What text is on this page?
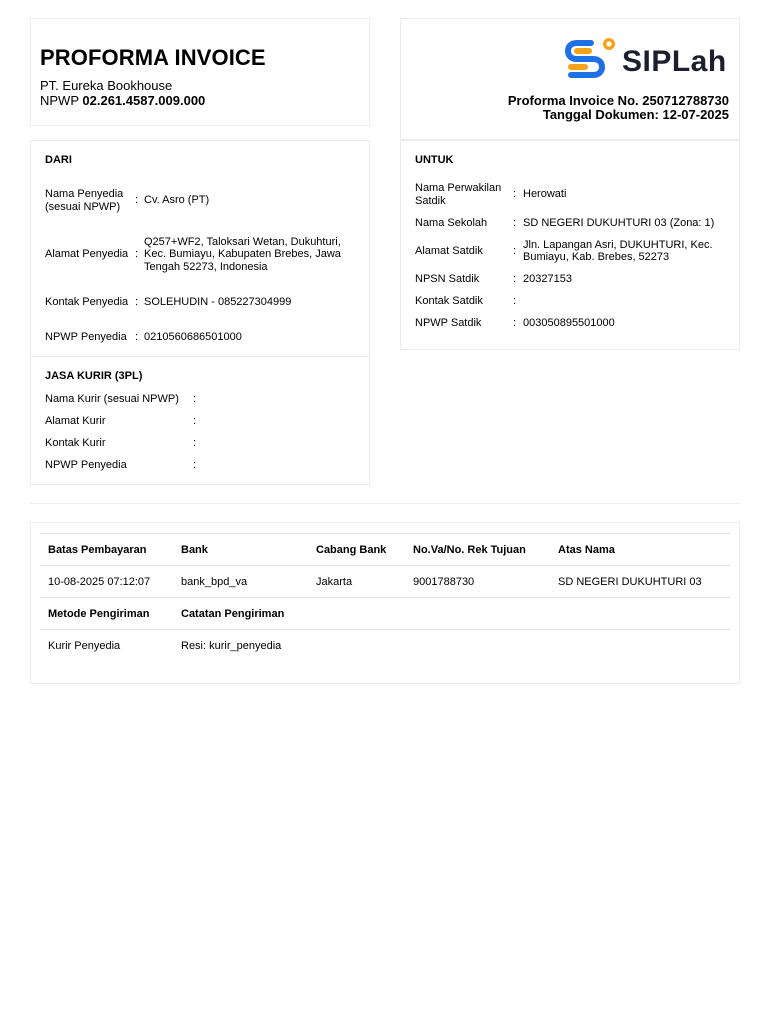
PROFORMA INVOICE
PT. Eureka Bookhouse
NPWP 02.261.4587.009.000
SIPLah
Proforma Invoice No. 250712788730
Tanggal Dokumen: 12-07-2025
DARI
Nama Penyedia (sesuai NPWP)	:	Cv. Asro (PT)
Alamat Penyedia	:	Q257+WF2, Taloksari Wetan, Dukuhturi, Kec. Bumiayu, Kabupaten Brebes, Jawa Tengah 52273, Indonesia
Kontak Penyedia	:	SOLEHUDIN - 085227304999
NPWP Penyedia	:	0210560686501000
UNTUK
Nama Perwakilan Satdik	:	Herowati
Nama Sekolah	:	SD NEGERI DUKUHTURI 03 (Zona: 1)
Alamat Satdik	:	Jln. Lapangan Asri, DUKUHTURI, Kec. Bumiayu, Kab. Brebes, 52273
NPSN Satdik	:	20327153
Kontak Satdik	:	
NPWP Satdik	:	003050895501000
JASA KURIR (3PL)
Nama Kurir (sesuai NPWP)	:	
Alamat Kurir	:	
Kontak Kurir	:	
NPWP Penyedia	:	
Batas Pembayaran	Bank	Cabang Bank	No.Va/No. Rek Tujuan	Atas Nama
10-08-2025 07:12:07	bank_bpd_va	Jakarta	9001788730	SD NEGERI DUKUHTURI 03
Metode Pengiriman	Catatan Pengiriman			
Kurir Penyedia	Resi: kurir_penyedia			
